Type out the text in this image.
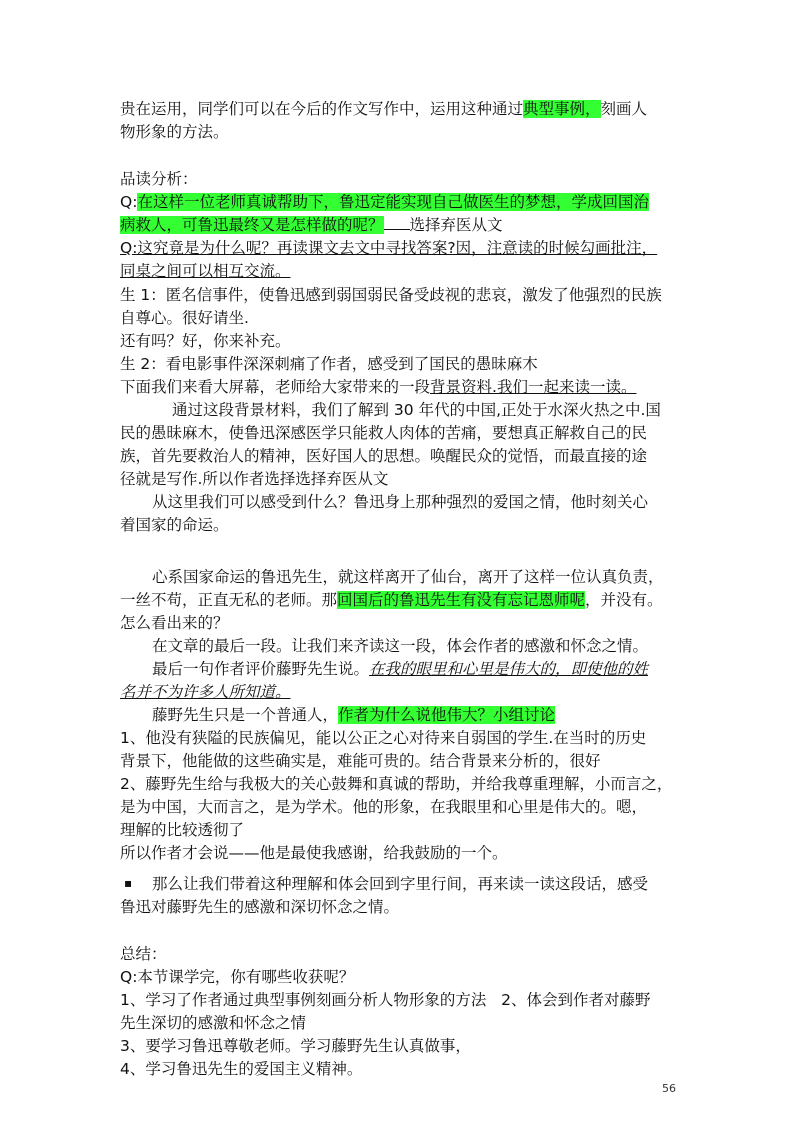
贵在运用，同学们可以在今后的作文写作中，运用这种通过典型事例，刻画人
物形象的方法。
品读分析：
Q:在这样一位老师真诚帮助下，鲁迅定能实现自己做医生的梦想，学成回国治
病救人，可鲁迅最终又是怎样做的呢？ 选择弃医从文
Q:这究竟是为什么呢？再读课文去文中寻找答案?因，注意读的时候勾画批注，
同桌之间可以相互交流。
生 1：匿名信事件，使鲁迅感到弱国弱民备受歧视的悲哀，激发了他强烈的民族
自尊心。很好请坐.
还有吗？好，你来补充。
生 2：看电影事件深深刺痛了作者，感受到了国民的愚昧麻木
下面我们来看大屏幕，老师给大家带来的一段背景资料.我们一起来读一读。
通过这段背景材料，我们了解到 30 年代的中国,正处于水深火热之中.国
民的愚昧麻木，使鲁迅深感医学只能救人肉体的苦痛，要想真正解救自己的民
族，首先要救治人的精神，医好国人的思想。唤醒民众的觉悟，而最直接的途
径就是写作.所以作者选择选择弃医从文
从这里我们可以感受到什么？鲁迅身上那种强烈的爱国之情，他时刻关心
着国家的命运。
心系国家命运的鲁迅先生，就这样离开了仙台，离开了这样一位认真负责，
一丝不苟，正直无私的老师。那回国后的鲁迅先生有没有忘记恩师呢，并没有。
怎么看出来的？
在文章的最后一段。让我们来齐读这一段，体会作者的感激和怀念之情。
最后一句作者评价藤野先生说。在我的眼里和心里是伟大的，即使他的姓
名并不为许多人所知道。
藤野先生只是一个普通人，作者为什么说他伟大？小组讨论
1、他没有狭隘的民族偏见，能以公正之心对待来自弱国的学生.在当时的历史
背景下，他能做的这些确实是，难能可贵的。结合背景来分析的，很好
2、藤野先生给与我极大的关心鼓舞和真诚的帮助，并给我尊重理解，小而言之，
是为中国，大而言之，是为学术。他的形象，在我眼里和心里是伟大的。嗯，
理解的比较透彻了
所以作者才会说——他是最使我感谢，给我鼓励的一个。
▪ 那么让我们带着这种理解和体会回到字里行间，再来读一读这段话，感受
鲁迅对藤野先生的感激和深切怀念之情。
总结：
Q:本节课学完，你有哪些收获呢？
1、学习了作者通过典型事例刻画分析人物形象的方法   2、体会到作者对藤野
先生深切的感激和怀念之情
3、要学习鲁迅尊敬老师。学习藤野先生认真做事，
4、学习鲁迅先生的爱国主义精神。
56
